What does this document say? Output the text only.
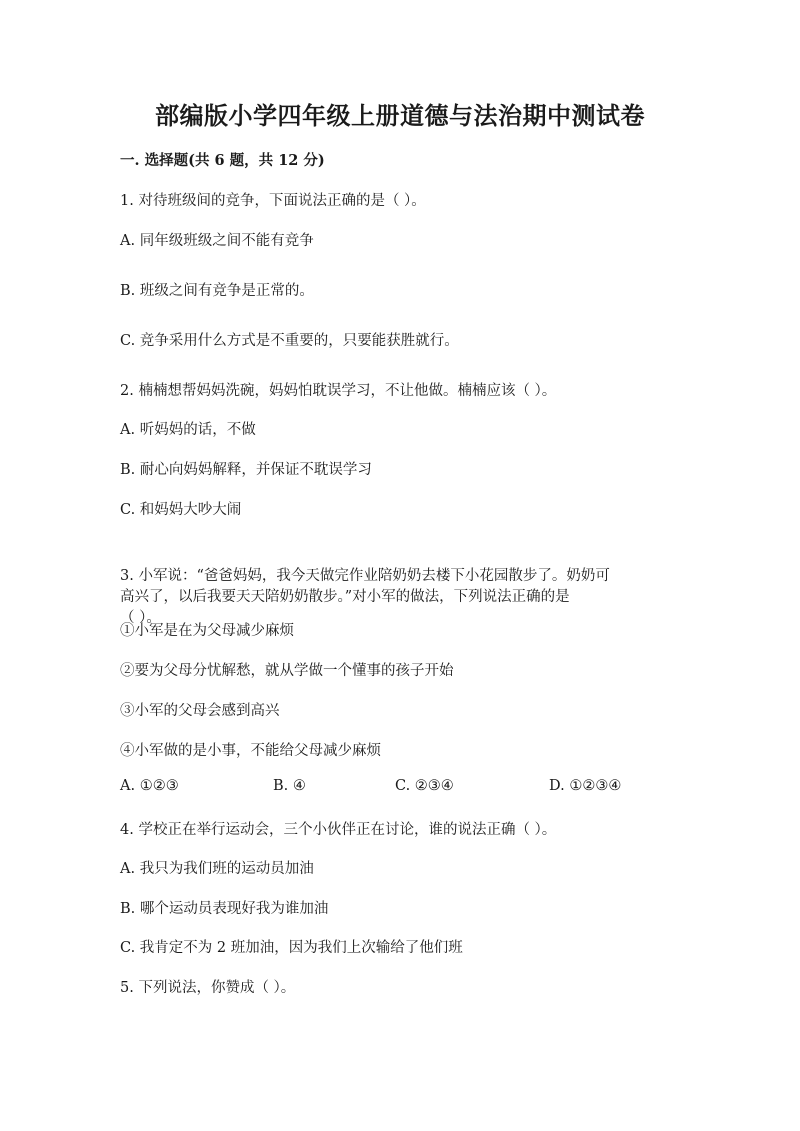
部编版小学四年级上册道德与法治期中测试卷
一. 选择题(共 6 题，共 12 分)
1. 对待班级间的竞争，下面说法正确的是（ ）。
A. 同年级班级之间不能有竞争
B. 班级之间有竞争是正常的。
C. 竞争采用什么方式是不重要的，只要能获胜就行。
2. 楠楠想帮妈妈洗碗，妈妈怕耽误学习，不让他做。楠楠应该（ ）。
A. 听妈妈的话，不做
B. 耐心向妈妈解释，并保证不耽误学习
C. 和妈妈大吵大闹
3. 小军说：“爸爸妈妈，我今天做完作业陪奶奶去楼下小花园散步了。奶奶可
高兴了，以后我要天天陪奶奶散步。”对小军的做法，下列说法正确的是
（ ）。
①小军是在为父母减少麻烦
②要为父母分忧解愁，就从学做一个懂事的孩子开始
③小军的父母会感到高兴
④小军做的是小事，不能给父母减少麻烦
A. ①②③	B. ④	C. ②③④	D. ①②③④
4. 学校正在举行运动会，三个小伙伴正在讨论，谁的说法正确（ ）。
A. 我只为我们班的运动员加油
B. 哪个运动员表现好我为谁加油
C. 我肯定不为 2 班加油，因为我们上次输给了他们班
5. 下列说法，你赞成（ ）。
